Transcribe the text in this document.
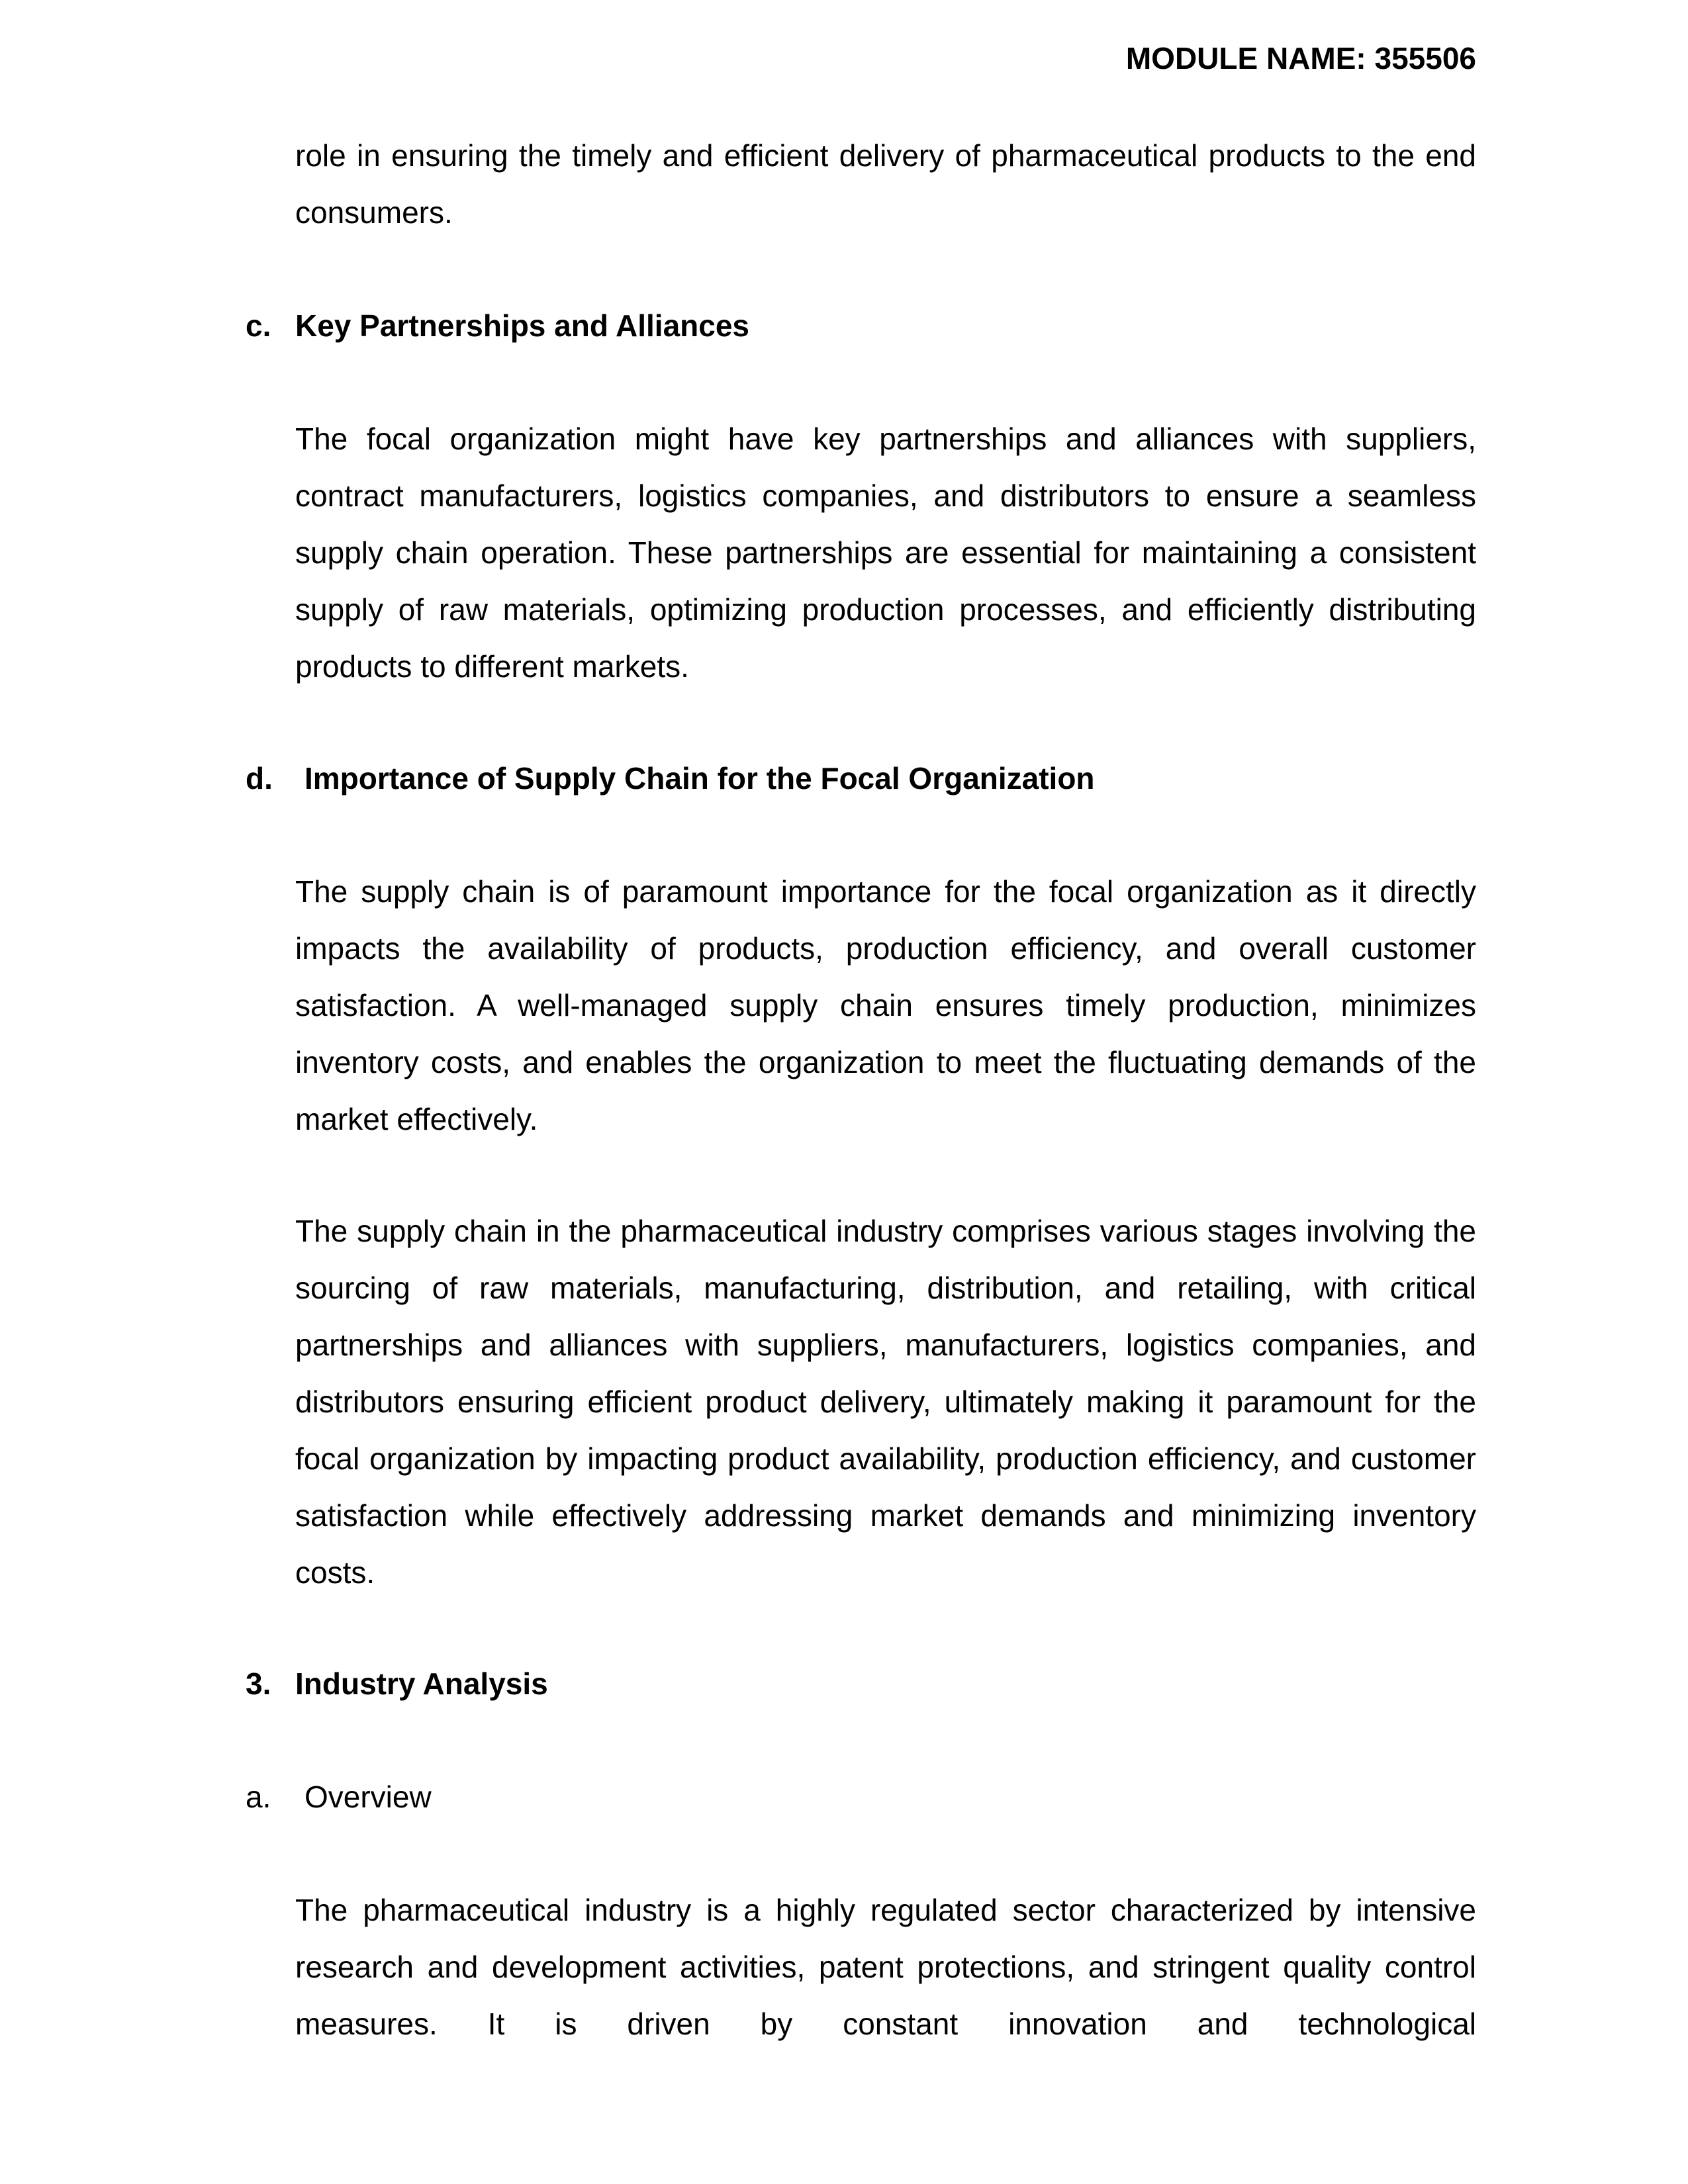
MODULE NAME: 355506

role in ensuring the timely and efficient delivery of pharmaceutical products to the end consumers.

c. Key Partnerships and Alliances

The focal organization might have key partnerships and alliances with suppliers, contract manufacturers, logistics companies, and distributors to ensure a seamless supply chain operation. These partnerships are essential for maintaining a consistent supply of raw materials, optimizing production processes, and efficiently distributing products to different markets.

d. Importance of Supply Chain for the Focal Organization

The supply chain is of paramount importance for the focal organization as it directly impacts the availability of products, production efficiency, and overall customer satisfaction. A well-managed supply chain ensures timely production, minimizes inventory costs, and enables the organization to meet the fluctuating demands of the market effectively.

The supply chain in the pharmaceutical industry comprises various stages involving the sourcing of raw materials, manufacturing, distribution, and retailing, with critical partnerships and alliances with suppliers, manufacturers, logistics companies, and distributors ensuring efficient product delivery, ultimately making it paramount for the focal organization by impacting product availability, production efficiency, and customer satisfaction while effectively addressing market demands and minimizing inventory costs.

3. Industry Analysis
a. Overview

The pharmaceutical industry is a highly regulated sector characterized by intensive research and development activities, patent protections, and stringent quality control measures. It is driven by constant innovation and technological
